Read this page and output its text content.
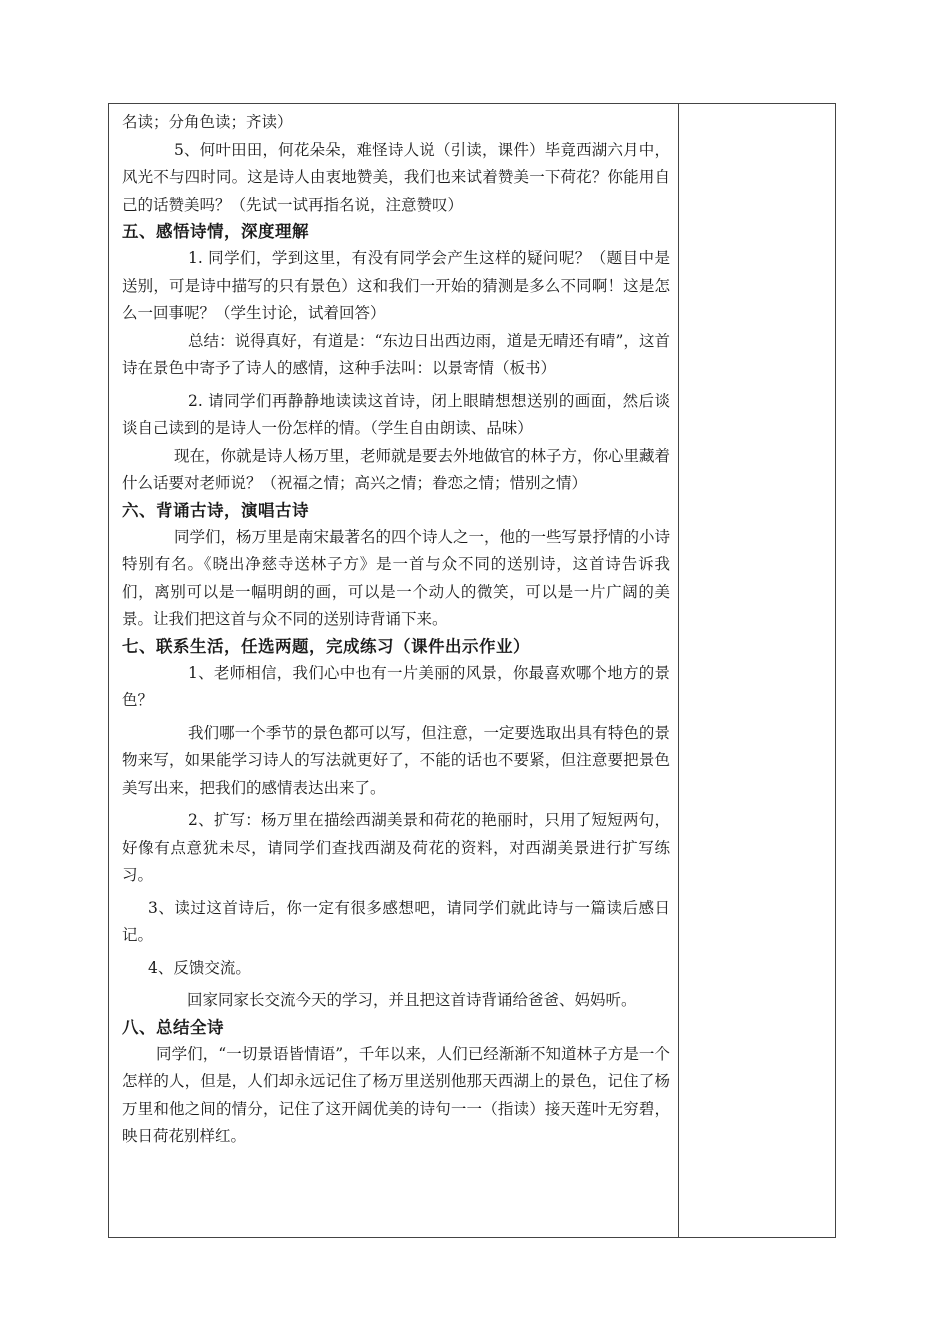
名读；分角色读；齐读）

5、何叶田田，何花朵朵，难怪诗人说（引读，课件）毕竟西湖六月中，风光不与四时同。这是诗人由衷地赞美，我们也来试着赞美一下荷花？你能用自己的话赞美吗？（先试一试再指名说，注意赞叹）

五、感悟诗情，深度理解

1. 同学们，学到这里，有没有同学会产生这样的疑问呢？（题目中是送别，可是诗中描写的只有景色）这和我们一开始的猜测是多么不同啊！这是怎么一回事呢？（学生讨论，试着回答）

总结：说得真好，有道是：“东边日出西边雨，道是无晴还有晴”，这首诗在景色中寄予了诗人的感情，这种手法叫：以景寄情（板书）

2. 请同学们再静静地读读这首诗，闭上眼睛想想送别的画面，然后谈谈自己读到的是诗人一份怎样的情。（学生自由朗读、品味）

现在，你就是诗人杨万里，老师就是要去外地做官的林子方，你心里藏着什么话要对老师说？（祝福之情；高兴之情；眷恋之情；惜别之情）

六、背诵古诗，演唱古诗

同学们，杨万里是南宋最著名的四个诗人之一，他的一些写景抒情的小诗特别有名。《晓出净慈寺送林子方》是一首与众不同的送别诗，这首诗告诉我们，离别可以是一幅明朗的画，可以是一个动人的微笑，可以是一片广阔的美景。让我们把这首与众不同的送别诗背诵下来。

七、联系生活，任选两题，完成练习（课件出示作业）

1、老师相信，我们心中也有一片美丽的风景，你最喜欢哪个地方的景色？

我们哪一个季节的景色都可以写，但注意，一定要选取出具有特色的景物来写，如果能学习诗人的写法就更好了，不能的话也不要紧，但注意要把景色美写出来，把我们的感情表达出来了。

2、扩写：杨万里在描绘西湖美景和荷花的艳丽时，只用了短短两句，好像有点意犹未尽，请同学们查找西湖及荷花的资料，对西湖美景进行扩写练习。

3、读过这首诗后，你一定有很多感想吧，请同学们就此诗与一篇读后感日记。

4、反馈交流。

回家同家长交流今天的学习，并且把这首诗背诵给爸爸、妈妈听。

八、总结全诗

同学们，“一切景语皆情语”，千年以来，人们已经渐渐不知道林子方是一个怎样的人，但是，人们却永远记住了杨万里送别他那天西湖上的景色，记住了杨万里和他之间的情分，记住了这开阔优美的诗句一一（指读）接天莲叶无穷碧，映日荷花别样红。
